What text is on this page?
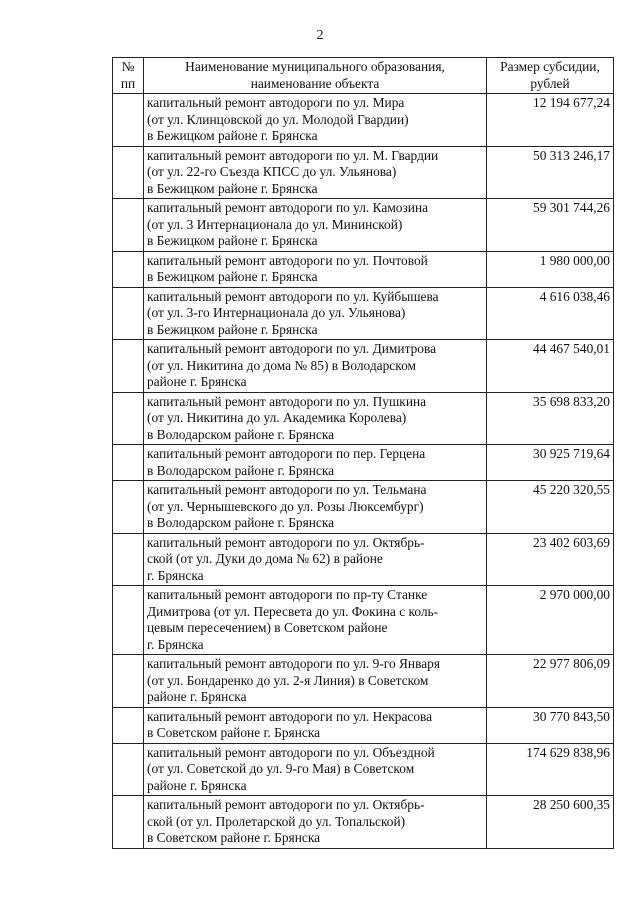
2
№ пп	Наименование муниципального образования, наименование объекта	Размер субсидии, рублей

	капитальный ремонт автодороги по ул. Мира
(от ул. Клинцовской до ул. Молодой Гвардии)
в Бежицком районе г. Брянска	12 194 677,24

	капитальный ремонт автодороги по ул. М. Гвардии
(от ул. 22-го Съезда КПСС до ул. Ульянова)
в Бежицком районе г. Брянска	50 313 246,17

	капитальный ремонт автодороги по ул. Камозина
(от ул. 3 Интернационала до ул. Мининской)
в Бежицком районе г. Брянска	59 301 744,26

	капитальный ремонт автодороги по ул. Почтовой
в Бежицком районе г. Брянска	1 980 000,00

	капитальный ремонт автодороги по ул. Куйбышева
(от ул. 3-го Интернационала до ул. Ульянова)
в Бежицком районе г. Брянска	4 616 038,46

	капитальный ремонт автодороги по ул. Димитрова
(от ул. Никитина до дома № 85) в Володарском
районе г. Брянска	44 467 540,01

	капитальный ремонт автодороги по ул. Пушкина
(от ул. Никитина до ул. Академика Королева)
в Володарском районе г. Брянска	35 698 833,20

	капитальный ремонт автодороги по пер. Герцена
в Володарском районе г. Брянска	30 925 719,64

	капитальный ремонт автодороги по ул. Тельмана
(от ул. Чернышевского до ул. Розы Люксембург)
в Володарском районе г. Брянска	45 220 320,55

	капитальный ремонт автодороги по ул. Октябрь-
ской (от ул. Дуки до дома № 62) в районе
г. Брянска	23 402 603,69

	капитальный ремонт автодороги по пр-ту Станке
Димитрова (от ул. Пересвета до ул. Фокина с коль-
цевым пересечением) в Советском районе
г. Брянска	2 970 000,00

	капитальный ремонт автодороги по ул. 9-го Января
(от ул. Бондаренко до ул. 2-я Линия) в Советском
районе г. Брянска	22 977 806,09

	капитальный ремонт автодороги по ул. Некрасова
в Советском районе г. Брянска	30 770 843,50

	капитальный ремонт автодороги по ул. Объездной
(от ул. Советской до ул. 9-го Мая) в Советском
районе г. Брянска	174 629 838,96

	капитальный ремонт автодороги по ул. Октябрь-
ской (от ул. Пролетарской до ул. Топальской)
в Советском районе г. Брянска	28 250 600,35
